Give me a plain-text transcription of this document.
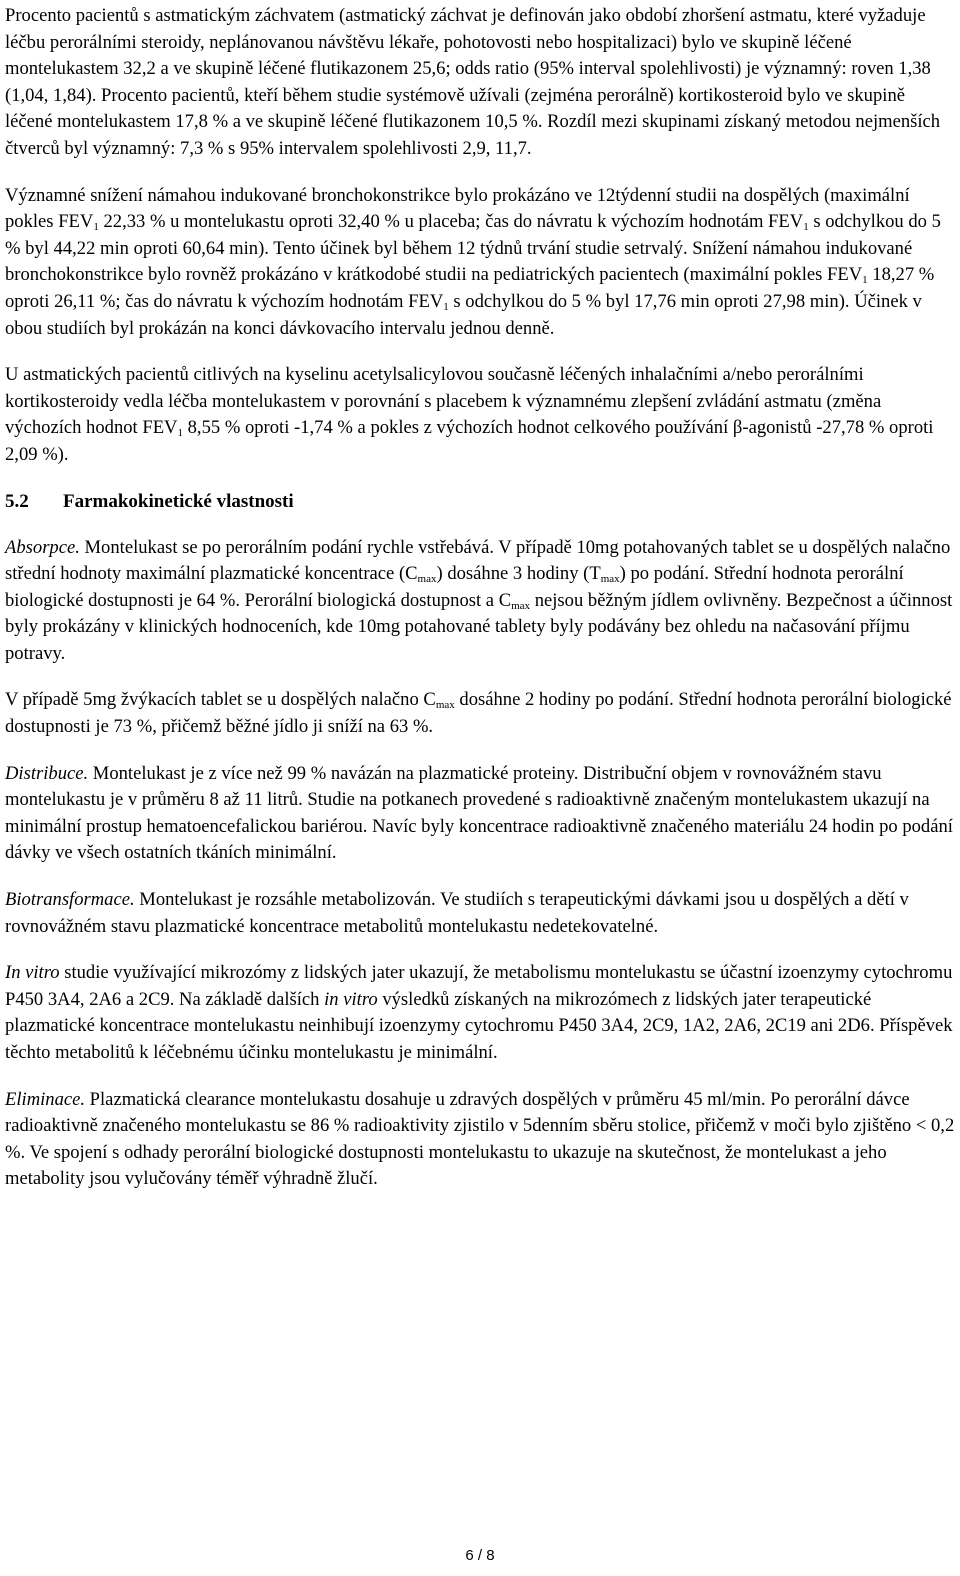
Procento pacientů s astmatickým záchvatem (astmatický záchvat je definován jako období zhoršení astmatu, které vyžaduje léčbu perorálními steroidy, neplánovanou návštěvu lékaře, pohotovosti nebo hospitalizaci) bylo ve skupině léčené montelukastem 32,2 a ve skupině léčené flutikazonem 25,6; odds ratio (95% interval spolehlivosti) je významný: roven 1,38 (1,04, 1,84). Procento pacientů, kteří během studie systémově užívali (zejména perorálně) kortikosteroid bylo ve skupině léčené montelukastem 17,8 % a ve skupině léčené flutikazonem 10,5 %. Rozdíl mezi skupinami získaný metodou nejmenších čtverců byl významný: 7,3 % s 95% intervalem spolehlivosti 2,9, 11,7.

Významné snížení námahou indukované bronchokonstrikce bylo prokázáno ve 12týdenní studii na dospělých (maximální pokles $FEV_1$ 22,33 % u montelukastu oproti 32,40 % u placeba; čas do návratu k výchozím hodnotám $FEV_1$ s odchylkou do 5 % byl 44,22 min oproti 60,64 min). Tento účinek byl během 12 týdnů trvání studie setrvalý. Snížení námahou indukované bronchokonstrikce bylo rovněž prokázáno v krátkodobé studii na pediatrických pacientech (maximální pokles $FEV_1$ 18,27 % oproti 26,11 %; čas do návratu k výchozím hodnotám $FEV_1$ s odchylkou do 5 % byl 17,76 min oproti 27,98 min). Účinek v obou studiích byl prokázán na konci dávkovacího intervalu jednou denně.

U astmatických pacientů citlivých na kyselinu acetylsalicylovou současně léčených inhalačními a/nebo perorálními kortikosteroidy vedla léčba montelukastem v porovnání s placebem k významnému zlepšení zvládání astmatu (změna výchozích hodnot $FEV_1$ 8,55 % oproti -1,74 % a pokles z výchozích hodnot celkového používání β-agonistů -27,78 % oproti 2,09 %).

5.2 Farmakokinetické vlastnosti

Absorpce. Montelukast se po perorálním podání rychle vstřebává. V případě 10mg potahovaných tablet se u dospělých nalačno střední hodnoty maximální plazmatické koncentrace $(C_{max})$ dosáhne 3 hodiny $(T_{max})$ po podání. Střední hodnota perorální biologické dostupnosti je 64 %. Perorální biologická dostupnost a $C_{max}$ nejsou běžným jídlem ovlivněny. Bezpečnost a účinnost byly prokázány v klinických hodnoceních, kde 10mg potahované tablety byly podávány bez ohledu na načasování příjmu potravy.

V případě 5mg žvýkacích tablet se u dospělých nalačno $C_{max}$ dosáhne 2 hodiny po podání. Střední hodnota perorální biologické dostupnosti je 73 %, přičemž běžné jídlo ji sníží na 63 %.

Distribuce. Montelukast je z více než 99 % navázán na plazmatické proteiny. Distribuční objem v rovnovážném stavu montelukastu je v průměru 8 až 11 litrů. Studie na potkanech provedené s radioaktivně značeným montelukastem ukazují na minimální prostup hematoencefalickou bariérou. Navíc byly koncentrace radioaktivně značeného materiálu 24 hodin po podání dávky ve všech ostatních tkáních minimální.

Biotransformace. Montelukast je rozsáhle metabolizován. Ve studiích s terapeutickými dávkami jsou u dospělých a dětí v rovnovážném stavu plazmatické koncentrace metabolitů montelukastu nedetekovatelné.

In vitro studie využívající mikrozómy z lidských jater ukazují, že metabolismu montelukastu se účastní izoenzymy cytochromu P450 3A4, 2A6 a 2C9. Na základě dalších in vitro výsledků získaných na mikrozómech z lidských jater terapeutické plazmatické koncentrace montelukastu neinhibují izoenzymy cytochromu P450 3A4, 2C9, 1A2, 2A6, 2C19 ani 2D6. Příspěvek těchto metabolitů k léčebnému účinku montelukastu je minimální.

Eliminace. Plazmatická clearance montelukastu dosahuje u zdravých dospělých v průměru 45 ml/min. Po perorální dávce radioaktivně značeného montelukastu se 86 % radioaktivity zjistilo v 5denním sběru stolice, přičemž v moči bylo zjištěno < 0,2 %. Ve spojení s odhady perorální biologické dostupnosti montelukastu to ukazuje na skutečnost, že montelukast a jeho metabolity jsou vylučovány téměř výhradně žlučí.

6 / 8
